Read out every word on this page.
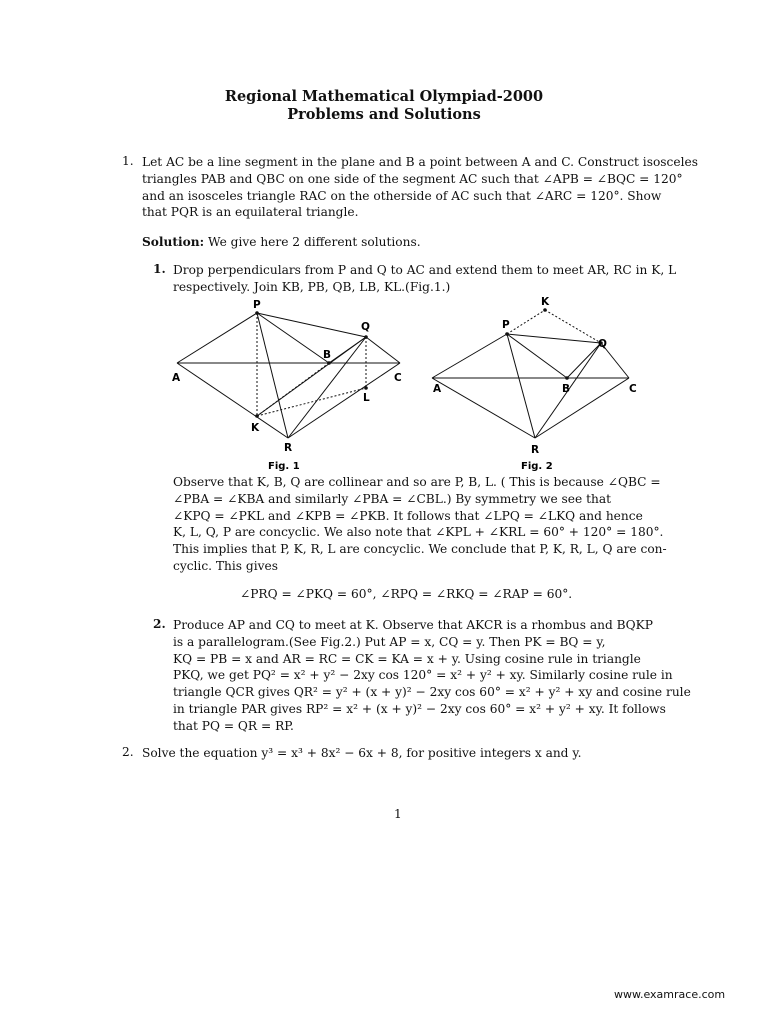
Regional Mathematical Olympiad-2000
Problems and Solutions
1. Let AC be a line segment in the plane and B a point between A and C. Construct isosceles
triangles PAB and QBC on one side of the segment AC such that ∠APB = ∠BQC = 120°
and an isosceles triangle RAC on the otherside of AC such that ∠ARC = 120°. Show
that PQR is an equilateral triangle.
Solution: We give here 2 different solutions.
1. Drop perpendiculars from P and Q to AC and extend them to meet AR, RC in K, L
respectively. Join KB, PB, QB, LB, KL.(Fig.1.)
P
Q
A
B
C
L
K
R
Fig. 1
K
P
Q
A	B	C
R
Fig. 2
Observe that K, B, Q are collinear and so are P, B, L. ( This is because ∠QBC =
∠PBA = ∠KBA and similarly ∠PBA = ∠CBL.) By symmetry we see that
∠KPQ = ∠PKL and ∠KPB = ∠PKB. It follows that ∠LPQ = ∠LKQ and hence
K, L, Q, P are concyclic. We also note that ∠KPL + ∠KRL = 60° + 120° = 180°.
This implies that P, K, R, L are concyclic. We conclude that P, K, R, L, Q are con-
cyclic. This gives
∠PRQ = ∠PKQ = 60°, ∠RPQ = ∠RKQ = ∠RAP = 60°.
2. Produce AP and CQ to meet at K. Observe that AKCR is a rhombus and BQKP
is a parallelogram.(See Fig.2.) Put AP = x, CQ = y. Then PK = BQ = y,
KQ = PB = x and AR = RC = CK = KA = x + y. Using cosine rule in triangle
PKQ, we get PQ² = x² + y² − 2xy cos 120° = x² + y² + xy. Similarly cosine rule in
triangle QCR gives QR² = y² + (x + y)² − 2xy cos 60° = x² + y² + xy and cosine rule
in triangle PAR gives RP² = x² + (x + y)² − 2xy cos 60° = x² + y² + xy. It follows
that PQ = QR = RP.
2. Solve the equation y³ = x³ + 8x² − 6x + 8, for positive integers x and y.
1
www.examrace.com
